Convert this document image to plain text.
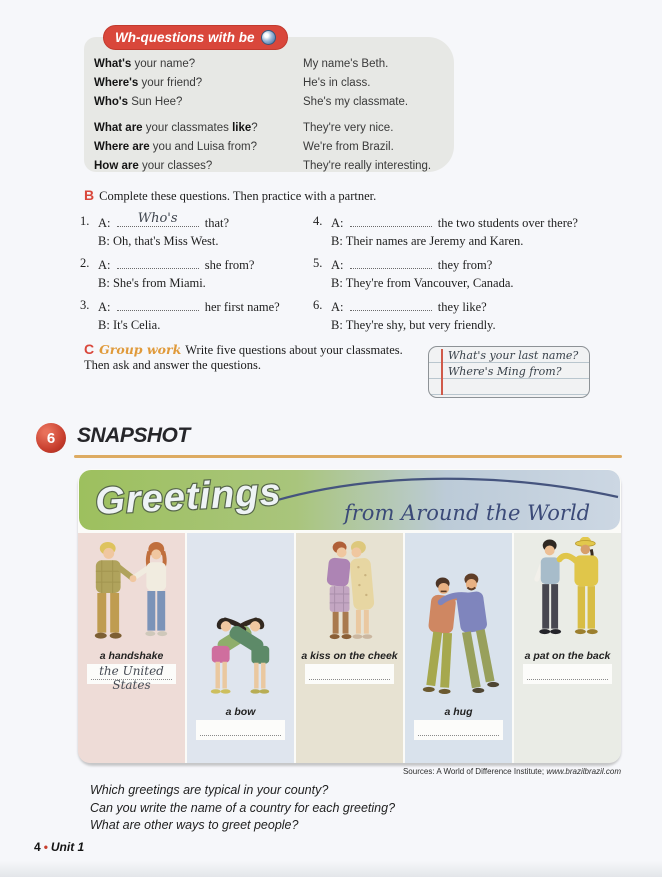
What's your name?	My name's Beth.
Where's your friend?	He's in class.
Who's Sun Hee?	She's my classmate.
What are your classmates like?	They're very nice.
Where are you and Luisa from?	We're from Brazil.
How are your classes?	They're really interesting.
Wh-questions with be
B Complete these questions. Then practice with a partner.
1. A:	Who's	that?
B: Oh, that's Miss West.
2. A:	she from?
B: She's from Miami.
3. A:	her first name?
B: It's Celia.
4. A:	the two students over there?
B: Their names are Jeremy and Karen.
5. A:	they from?
B: They're from Vancouver, Canada.
6. A:	they like?
B: They're shy, but very friendly.
C Group work Write five questions about your classmates.
Then ask and answer the questions.
What's your last name?
Where's Ming from?
6 SNAPSHOT
Greetings	from Around the World
a handshake
the United States
a bow
a kiss on the cheek
a hug
a pat on the back
Sources: A World of Difference Institute; www.brazilbrazil.com
Which greetings are typical in your county?
Can you write the name of a country for each greeting?
What are other ways to greet people?
4 • Unit 1
